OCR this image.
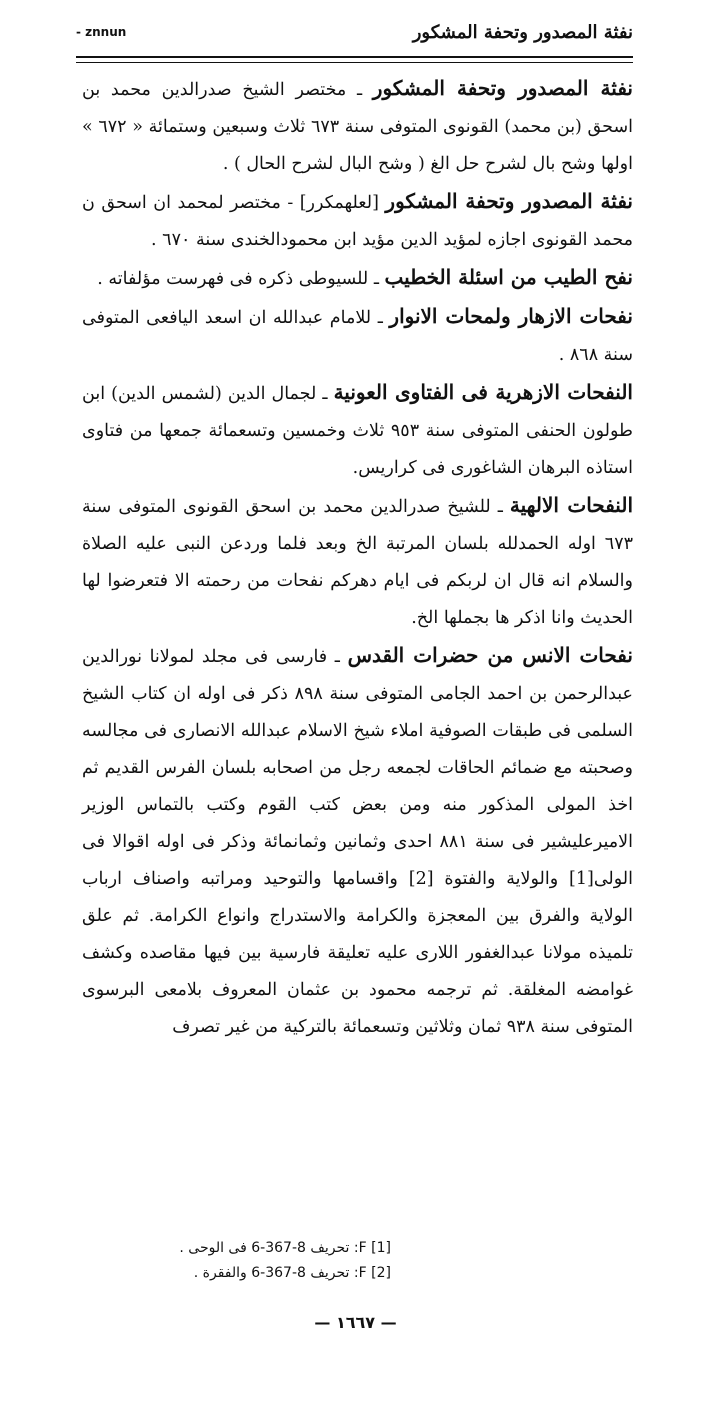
- znnun	نفثة المصدور وتحفة المشكور

نفثة المصدور وتحفة المشكور ـ مختصر الشيخ صدرالدين محمد بن اسحق (بن محمد) القونوى المتوفى سنة ٦٧٣ ثلاث وسبعين وستمائة « ٦٧٢ » اولها وشح بال لشرح حل الغ ( وشح البال لشرح الحال ) .

نفثة المصدور وتحفة المشكور [لعلهمكرر] - مختصر لمحمد ان اسحق ن محمد القونوى اجازه لمؤيد الدين مؤيد ابن محمودالخندى سنة ٦٧٠ .

نفح الطيب من اسئلة الخطيب ـ للسيوطى ذكره فى فهرست مؤلفاته .

نفحات الازهار ولمحات الانوار ـ للامام عبدالله ان اسعد اليافعى المتوفى سنة ٨٦٨ .

النفحات الازهرية فى الفتاوى العونية ـ لجمال الدين (لشمس الدين) ابن طولون الحنفى المتوفى سنة ٩٥٣ ثلاث وخمسين وتسعمائة جمعها من فتاوى استاذه البرهان الشاغورى فى كراريس.

النفحات الالهية ـ للشيخ صدرالدين محمد بن اسحق القونوى المتوفى سنة ٦٧٣ اوله الحمدلله بلسان المرتبة الخ وبعد فلما وردعن النبى عليه الصلاة والسلام انه قال ان لربكم فى ايام دهركم نفحات من رحمته الا فتعرضوا لها الحديث وانا اذكر ها بجملها الخ.

نفحات الانس من حضرات القدس ـ فارسى فى مجلد لمولانا نورالدين عبدالرحمن بن احمد الجامى المتوفى سنة ٨٩٨ ذكر فى اوله ان كتاب الشيخ السلمى فى طبقات الصوفية املاء شيخ الاسلام عبدالله الانصارى فى مجالسه وصحبته مع ضمائم الحاقات لجمعه رجل من اصحابه بلسان الفرس القديم ثم اخذ المولى المذكور منه ومن بعض كتب القوم وكتب بالتماس الوزير الاميرعليشير فى سنة ٨٨١ احدى وثمانين وثمانمائة وذكر فى اوله اقوالا فى الولى[1] والولاية والفتوة [2] واقسامها والتوحيد ومراتبه واصناف ارباب الولاية والفرق بين المعجزة والكرامة والاستدراج وانواع الكرامة. ثم علق تلميذه مولانا عبدالغفور اللارى عليه تعليقة فارسية بين فيها مقاصده وكشف غوامضه المغلقة. ثم ترجمه محمود بن عثمان المعروف بلامعى البرسوى المتوفى سنة ٩٣٨ ثمان وثلاثين وتسعمائة بالتركية من غير تصرف

[1] F: تحريف 8-367-6 فى الوحى .
[2] F: تحريف 8-367-6 والفقرة .
— ١٦٦٧ —
